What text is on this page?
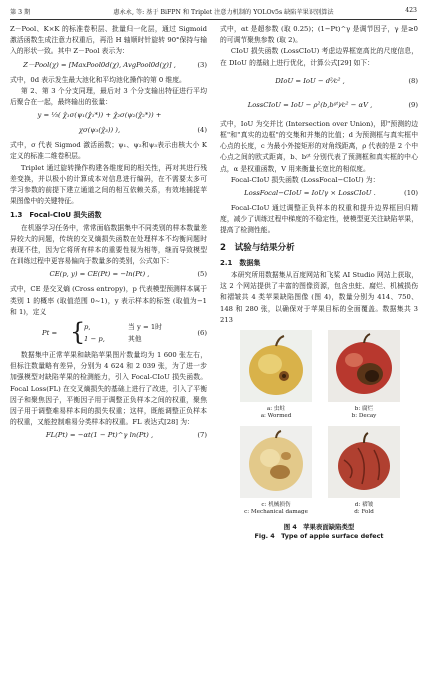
第 3 期	惠永永, 等: 基于 BiFPN 和 Triplet 注意力机制的 YOLOv5s 缺陷苹果识别算法	423

Z－Pool、K×K 的标准卷积层、批量归一化层，通过 Sigmoid 激活函数生成注意力权重后，再沿 H 轴顺时针旋转 90°保持与输入的形状一致。其中 Z－Pool 表示为：

Z－Pool(χ) = [MaxPool0d(χ), AvgPool0d(χ)] ,	(3)

式中，0d 表示发生最大池化和平均池化操作的第 0 维度。

第 2、第 3 个分支同理，最后对 3 个分支输出特征进行平均后聚合在一起，最终输出的张量：

y = ⅓( χ̂₁σ(ψ₁(χ̂₁*)) + χ̂₂σ(ψ₂(χ̂₂*)) +
χσ(ψ₃(χ̂₃)) ),	(4)

式中，σ 代表 Sigmod 激活函数；ψ₁、ψ₂和ψ₃表示由核大小 K 定义的标准二维卷积层。

Triplet 通过旋转操作构建各维度间的相关性，再对其进行残差变换，并以极小的计算成本对信息进行编码，在不需要太多可学习参数的前提下建立通道之间的相互依赖关系，有效地捕捉苹果图像中的关键特征。

1.3　Focal-CIoU 损失函数

在机器学习任务中，常常面临数据集中不同类别的样本数量差异较大的问题，传统的交叉熵损失函数在处理样本不均衡问题时表现不佳，因为它将所有样本的重要性视为相等，继而导致模型在训练过程中更容易偏向于数量多的类别，公式如下：

CE(p, y) = CE(Pt) = −ln(Pt) ,	(5)

式中，CE 是交叉熵 (Cross entropy)，p 代表模型预测样本属于类别 1 的概率 (取值范围 0~1)，y 表示样本的标签 (取值为−1 和 1)，定义

Pt = {
p,	当 y = 1时
1 − p,	其他
(6)

数据集中正常苹果和缺陷苹果图片数量均为 1 600 张左右，但标注数量略有差异，分别为 4 624 和 2 039 张，为了进一步加强模型对缺陷苹果的检测能力，引入 Focal-CIoU 损失函数。Focal Loss(FL) 在交叉熵损失的基础上进行了改进，引入了平衡因子和聚焦因子，平衡因子用于调整正负样本之间的权重，聚焦因子用于调整难易样本间的损失权重；这样，既能调整正负样本的权重，又能控制难易分类样本的权重。FL 表达式[28] 为：

FL(Pt) = −αt(1 − Pt)^γ ln(Pt) ,	(7)

式中，αt 是超参数 (取 0.25)；(1−Pt)^γ 是调节因子，γ 是≥0 的可调节聚焦参数 (取 2)。

CIoU 损失函数 (LossCIoU) 考虑边界框宽高比的尺度信息，在 DIoU 的基础上进行优化，计算公式[29] 如下：

DIoU = IoU − d²⁄c² ,	(8)
LossCIoU = IoU − ρ²(b,bᵍᵗ)⁄c² − αV ,	(9)

式中，IoU 为交并比 (Intersection over Union)，即"预测的边框"和"真实的边框"的交集和并集的比值；d 为预测框与真实框中心点的长度，c 为最小外接矩形的对角线距离，ρ 代表的是 2 个中心点之间的欧式距离，b、bᵍᵗ 分别代表了预测框和真实框的中心点，α 是权重函数，V 用来衡量长宽比的相似度。

Focal-CIoU 损失函数 (LossFocal−CIoU) 为：

LossFocal−CIoU = IoUγ × LossCIoU .	(10)

Focal-CIoU 通过调整正负样本的权重和提升边界框回归精度，减少了训练过程中梯度的不稳定性，使模型更关注缺陷苹果，提高了检测性能。

2　试验与结果分析
2.1　数据集

本研究所用数据集从百度网站和飞桨 AI Studio 网站上获取，这 2 个网站提供了丰富的图像资源，包含虫蛀、腐烂、机械损伤和褶皱共 4 类苹果缺陷图像 (图 4)，数量分别为 414、750、148 和 280 张，以确保对于苹果目标的全面覆盖。数据集共 3 213

a: 虫蛀
a: Wormed
b: 腐烂
b: Decay
c: 机械损伤
c: Mechanical damage
d: 褶皱
d: Fold
图 4　苹果表面缺陷类型
Fig. 4　Type of apple surface defect
